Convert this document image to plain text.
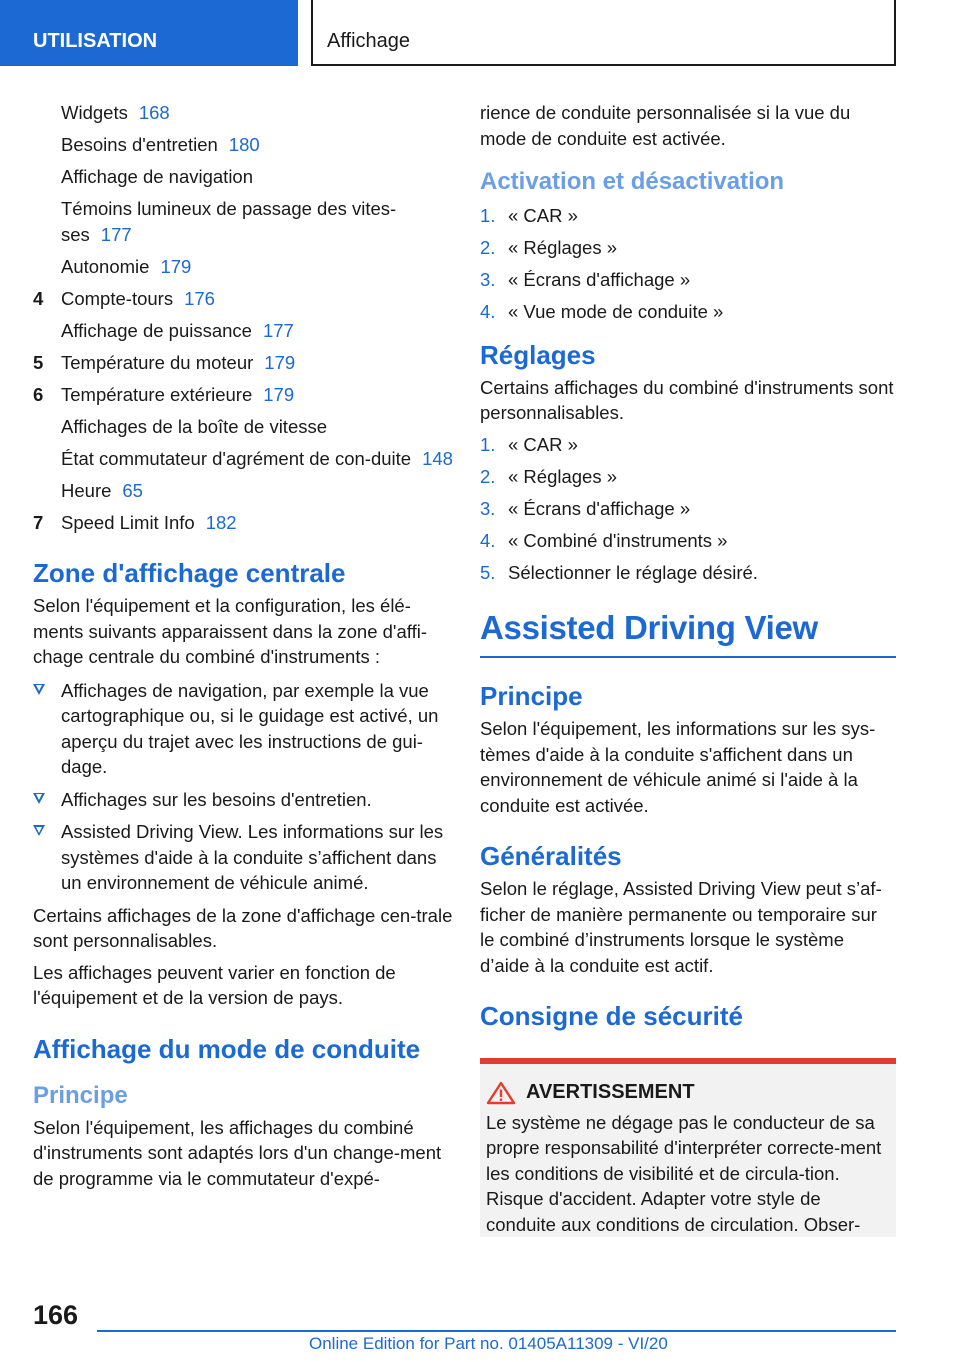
UTILISATION	Affichage
Widgets 168
Besoins d'entretien 180
Affichage de navigation
Témoins lumineux de passage des vites-ses 177
Autonomie 179
4 Compte-tours 176
Affichage de puissance 177
5 Température du moteur 179
6 Température extérieure 179
Affichages de la boîte de vitesse
État commutateur d'agrément de con-duite 148
Heure 65
7 Speed Limit Info 182
Zone d'affichage centrale

Selon l'équipement et la configuration, les élé-ments suivants apparaissent dans la zone d'affi-chage centrale du combiné d'instruments :

Affichages de navigation, par exemple la vue cartographique ou, si le guidage est activé, un aperçu du trajet avec les instructions de gui-dage.
Affichages sur les besoins d'entretien.
Assisted Driving View. Les informations sur les systèmes d'aide à la conduite s’affichent dans un environnement de véhicule animé.

Certains affichages de la zone d'affichage cen-trale sont personnalisables.

Les affichages peuvent varier en fonction de l'équipement et de la version de pays.

Affichage du mode de conduite
Principe

Selon l'équipement, les affichages du combiné d'instruments sont adaptés lors d'un change-ment de programme via le commutateur d'expé-

rience de conduite personnalisée si la vue du mode de conduite est activée.

Activation et désactivation
1. « CAR »
2. « Réglages »
3. « Écrans d'affichage »
4. « Vue mode de conduite »
Réglages

Certains affichages du combiné d'instruments sont personnalisables.

1. « CAR »
2. « Réglages »
3. « Écrans d'affichage »
4. « Combiné d'instruments »
5. Sélectionner le réglage désiré.
Assisted Driving View
Principe

Selon l'équipement, les informations sur les sys-tèmes d'aide à la conduite s'affichent dans un environnement de véhicule animé si l'aide à la conduite est activée.

Généralités

Selon le réglage, Assisted Driving View peut s’af-ficher de manière permanente ou temporaire sur le combiné d’instruments lorsque le système d’aide à la conduite est actif.

Consigne de sécurité
AVERTISSEMENT
Le système ne dégage pas le conducteur de sa propre responsabilité d'interpréter correcte-ment les conditions de visibilité et de circula-tion. Risque d'accident. Adapter votre style de conduite aux conditions de circulation. Obser-
166
Online Edition for Part no. 01405A11309 - VI/20
